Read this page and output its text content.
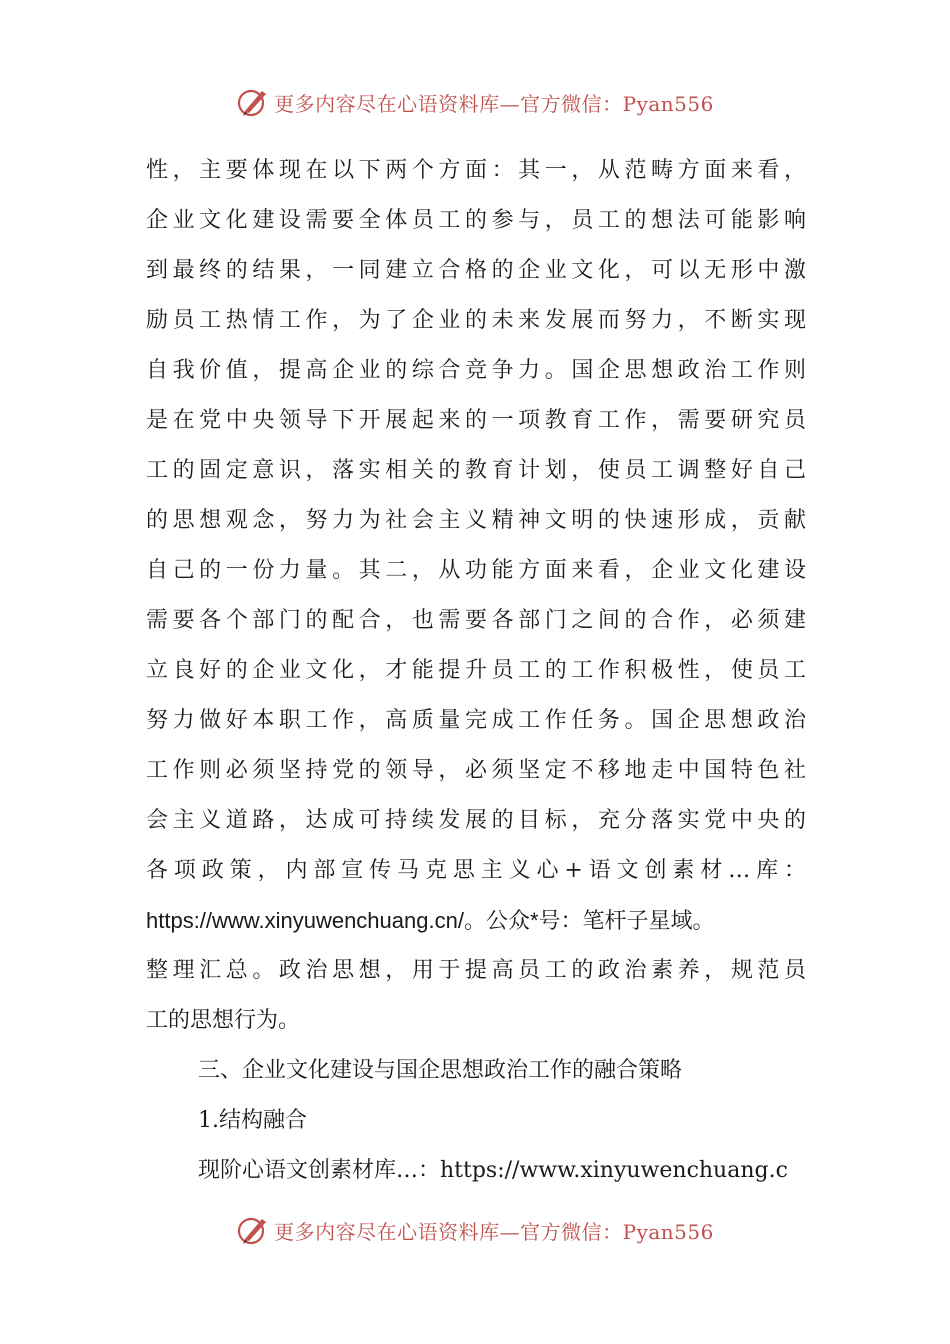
更多内容尽在心语资料库—官方微信：Pyan556
性，主要体现在以下两个方面：其一，从范畴方面来看，
企业文化建设需要全体员工的参与，员工的想法可能影响
到最终的结果，一同建立合格的企业文化，可以无形中激
励员工热情工作，为了企业的未来发展而努力，不断实现
自我价值，提高企业的综合竞争力。国企思想政治工作则
是在党中央领导下开展起来的一项教育工作，需要研究员
工的固定意识，落实相关的教育计划，使员工调整好自己
的思想观念，努力为社会主义精神文明的快速形成，贡献
自己的一份力量。其二，从功能方面来看，企业文化建设
需要各个部门的配合，也需要各部门之间的合作，必须建
立良好的企业文化，才能提升员工的工作积极性，使员工
努力做好本职工作，高质量完成工作任务。国企思想政治
工作则必须坚持党的领导，必须坚定不移地走中国特色社
会主义道路，达成可持续发展的目标，充分落实党中央的
各项政策，内部宣传马克思主义心+语文创素材…库：
https://www.xinyuwenchuang.cn/。公众*号：笔杆子星域。
整理汇总。政治思想，用于提高员工的政治素养，规范员
工的思想行为。
三、企业文化建设与国企思想政治工作的融合策略
1.结构融合
现阶心语文创素材库…：https://www.xinyuwenchuang.c
更多内容尽在心语资料库—官方微信：Pyan556
